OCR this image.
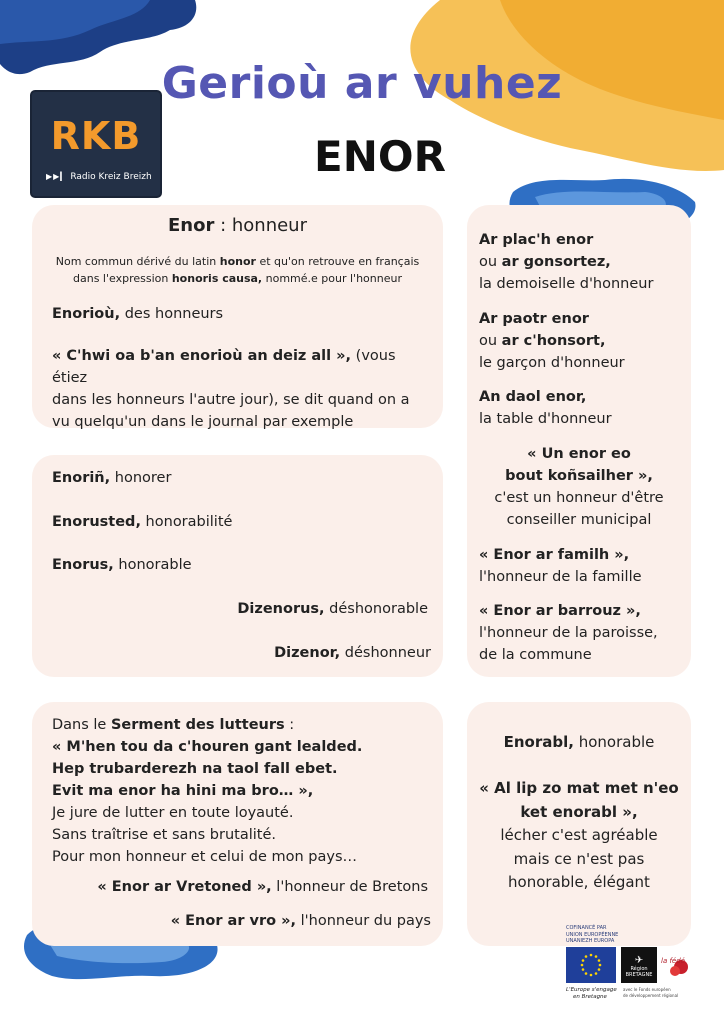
Gerioù ar vuhez
ENOR
RKB
▶▶▎ Radio Kreiz Breizh
Enor : honneur
Nom commun dérivé du latin honor et qu'on retrouve en français
dans l'expression honoris causa, nommé.e pour l'honneur
Enorioù, des honneurs
« C'hwi oa b'an enorioù an deiz all », (vous étiez
dans les honneurs l'autre jour), se dit quand on a
vu quelqu'un dans le journal par exemple
Enoriñ, honorer
Enorusted, honorabilité
Enorus, honorable
Dizenorus, déshonorable
Dizenor, déshonneur
Dans le Serment des lutteurs :
« M'hen tou da c'houren gant lealded.
Hep trubarderezh na taol fall ebet.
Evit ma enor ha hini ma bro… »,
Je jure de lutter en toute loyauté.
Sans traîtrise et sans brutalité.
Pour mon honneur et celui de mon pays…
« Enor ar Vretoned », l'honneur de Bretons
« Enor ar vro », l'honneur du pays
Ar plac'h enor
ou ar gonsortez,
la demoiselle d'honneur
Ar paotr enor
ou ar c'honsort,
le garçon d'honneur
An daol enor,
la table d'honneur
« Un enor eo
bout koñsailher »,
c'est un honneur d'être
conseiller municipal
« Enor ar familh »,
l'honneur de la famille
« Enor ar barrouz »,
l'honneur de la paroisse,
de la commune
Enorabl, honorable
« Al lip zo mat met n'eo
ket enorabl »,
lécher c'est agréable
mais ce n'est pas
honorable, élégant
COFINANCÉ PAR
UNION EUROPÉENNE
UNANIEZH EUROPA
✈
Région BRETAGNE
la fédé
L'Europe s'engage
en Bretagne
avec le Fonds européen
de développement régional
